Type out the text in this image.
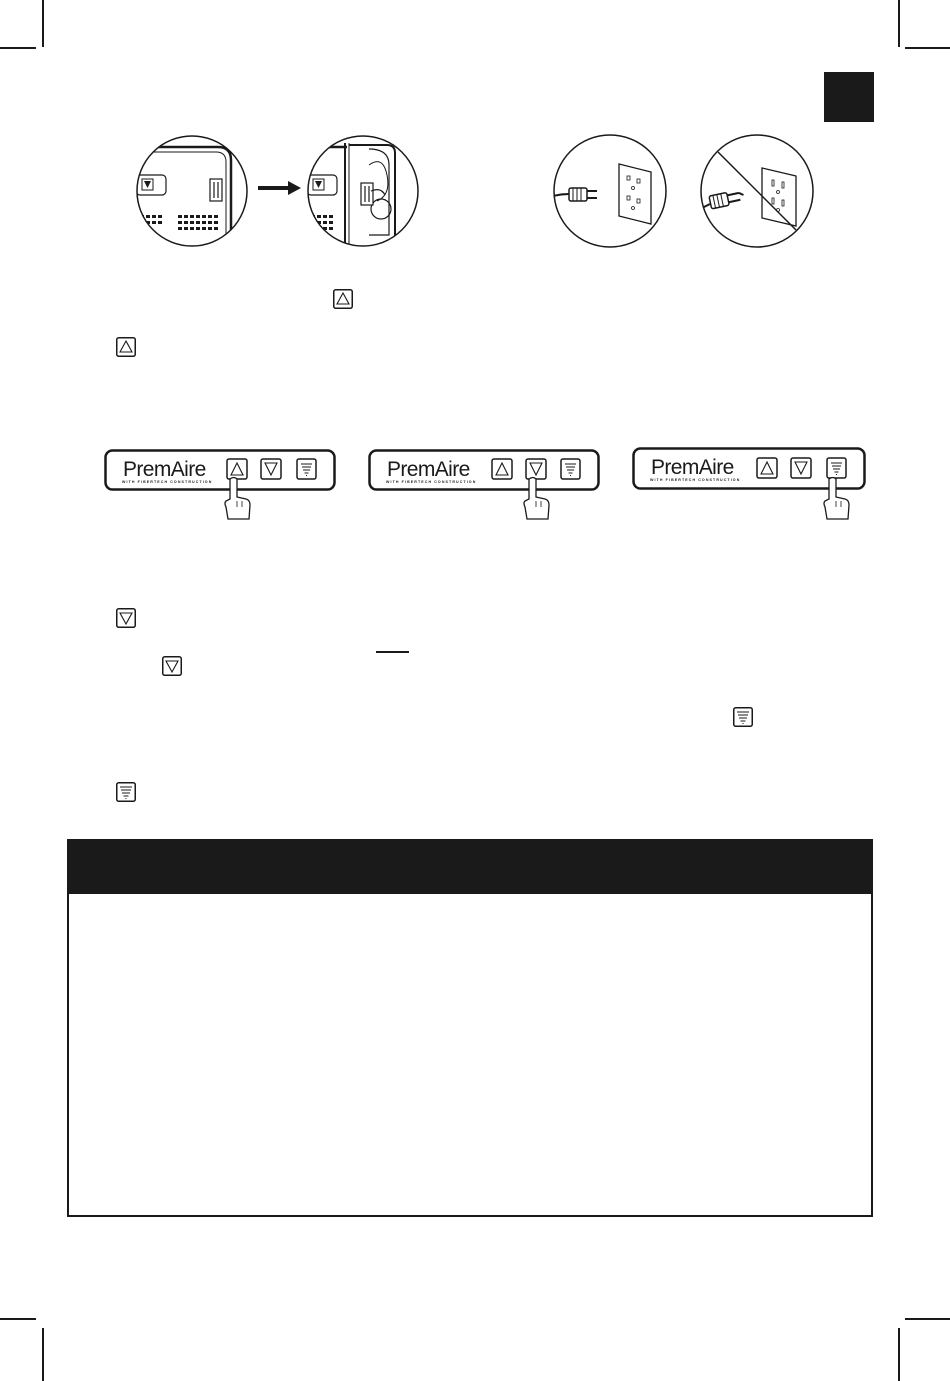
PremAire
WITH FIBERTECH CONSTRUCTION
PremAire
WITH FIBERTECH CONSTRUCTION
PremAire
WITH FIBERTECH CONSTRUCTION
